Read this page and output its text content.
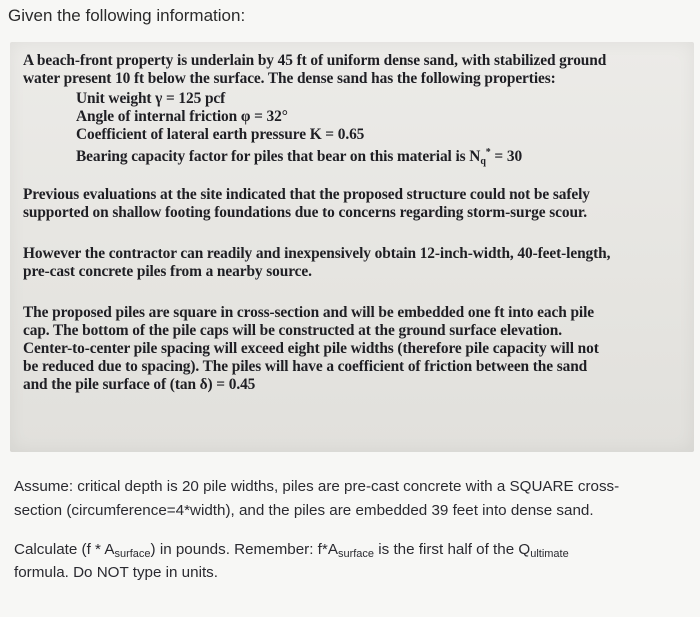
Given the following information:
A beach-front property is underlain by 45 ft of uniform dense sand, with stabilized ground
water present 10 ft below the surface. The dense sand has the following properties:
Unit weight γ = 125 pcf
Angle of internal friction φ = 32°
Coefficient of lateral earth pressure K = 0.65
Bearing capacity factor for piles that bear on this material is $N_q^* = 30$
Previous evaluations at the site indicated that the proposed structure could not be safely
supported on shallow footing foundations due to concerns regarding storm-surge scour.
However the contractor can readily and inexpensively obtain 12-inch-width, 40-feet-length,
pre-cast concrete piles from a nearby source.
The proposed piles are square in cross-section and will be embedded one ft into each pile
cap. The bottom of the pile caps will be constructed at the ground surface elevation.
Center-to-center pile spacing will exceed eight pile widths (therefore pile capacity will not
be reduced due to spacing). The piles will have a coefficient of friction between the sand
and the pile surface of (tan δ) = 0.45
Assume: critical depth is 20 pile widths, piles are pre-cast concrete with a SQUARE cross-
section (circumference=4*width), and the piles are embedded 39 feet into dense sand.
Calculate (f * Asurface) in pounds. Remember: f*Asurface is the first half of the Qultimate
formula. Do NOT type in units.
